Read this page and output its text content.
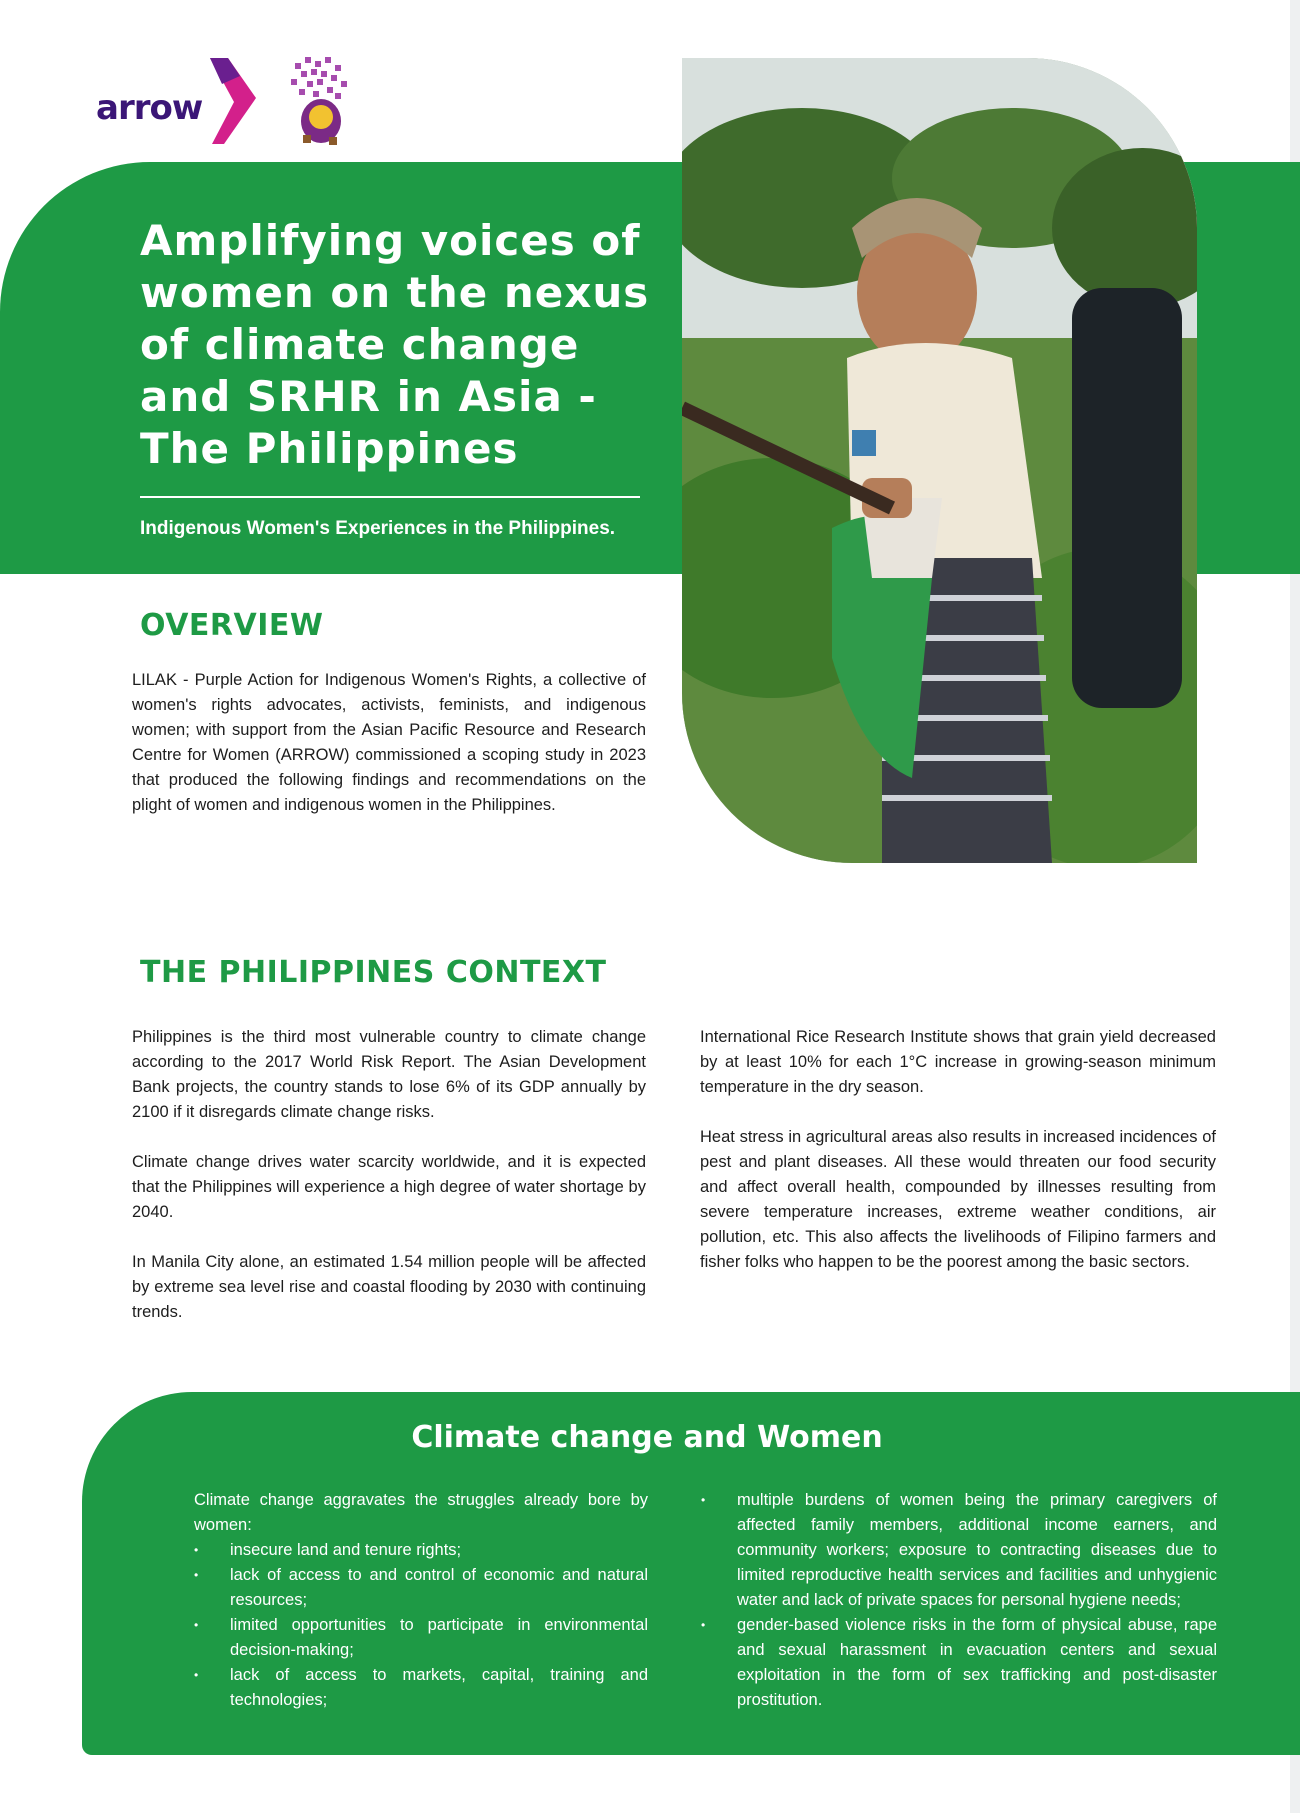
arrow
Amplifying voices of women on the nexus of climate change and SRHR in Asia - The Philippines
Indigenous Women's Experiences in the Philippines.
OVERVIEW

LILAK - Purple Action for Indigenous Women's Rights, a collective of women's rights advocates, activists, feminists, and indigenous women; with support from the Asian Pacific Resource and Research Centre for Women (ARROW) commissioned a scoping study in 2023 that produced the following findings and recommendations on the plight of women and indigenous women in the Philippines.

THE PHILIPPINES CONTEXT

Philippines is the third most vulnerable country to climate change according to the 2017 World Risk Report. The Asian Development Bank projects, the country stands to lose 6% of its GDP annually by 2100 if it disregards climate change risks.

Climate change drives water scarcity worldwide, and it is expected that the Philippines will experience a high degree of water shortage by 2040.

In Manila City alone, an estimated 1.54 million people will be affected by extreme sea level rise and coastal flooding by 2030 with continuing trends.

International Rice Research Institute shows that grain yield decreased by at least 10% for each 1°C increase in growing-season minimum temperature in the dry season.

Heat stress in agricultural areas also results in increased incidences of pest and plant diseases. All these would threaten our food security and affect overall health, compounded by illnesses resulting from severe temperature increases, extreme weather conditions, air pollution, etc. This also affects the livelihoods of Filipino farmers and fisher folks who happen to be the poorest among the basic sectors.

Climate change and Women

Climate change aggravates the struggles already bore by women:

• insecure land and tenure rights;
• lack of access to and control of economic and natural resources;
• limited opportunities to participate in environmental decision-making;
• lack of access to markets, capital, training and technologies;
• multiple burdens of women being the primary caregivers of affected family members, additional income earners, and community workers; exposure to contracting diseases due to limited reproductive health services and facilities and unhygienic water and lack of private spaces for personal hygiene needs;
• gender-based violence risks in the form of physical abuse, rape and sexual harassment in evacuation centers and sexual exploitation in the form of sex trafficking and post-disaster prostitution.
